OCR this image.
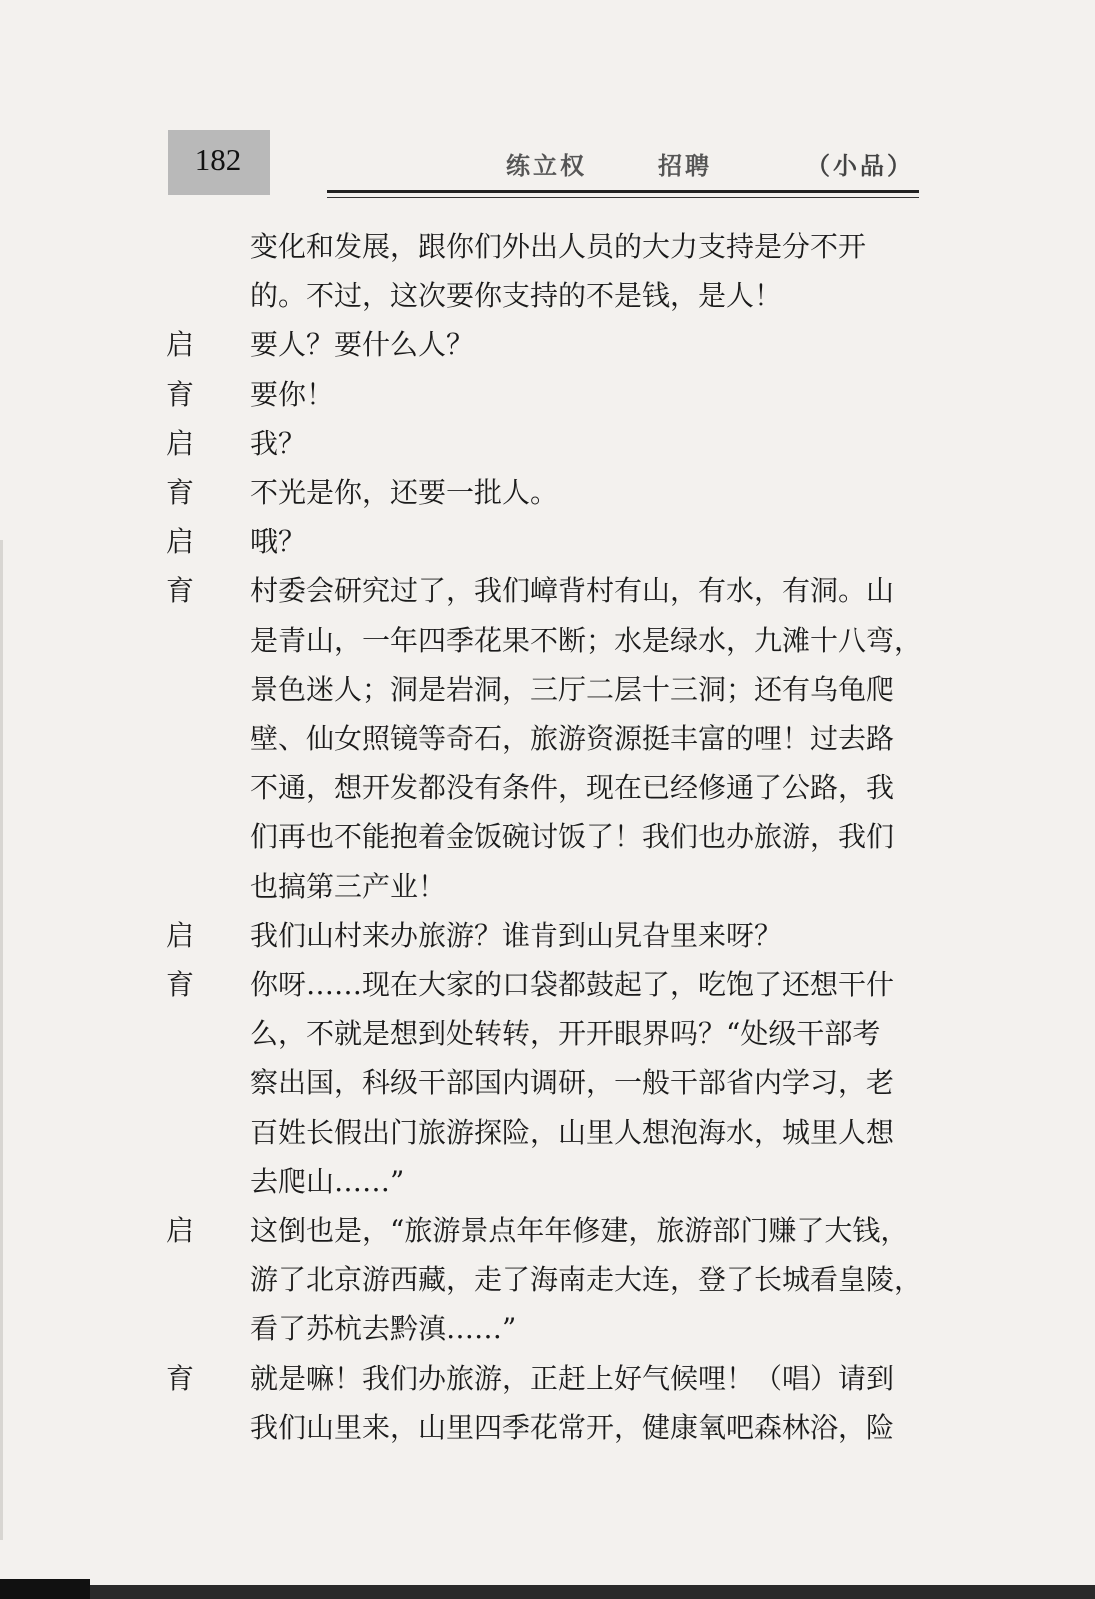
182	练立权	招聘	（小品）
变化和发展，跟你们外出人员的大力支持是分不开
的。不过，这次要你支持的不是钱，是人！
启	要人？要什么人？
育	要你！
启	我？
育	不光是你，还要一批人。
启	哦？
育	村委会研究过了，我们嶂背村有山，有水，有洞。山
是青山，一年四季花果不断；水是绿水，九滩十八弯，
景色迷人；洞是岩洞，三厅二层十三洞；还有乌龟爬
壁、仙女照镜等奇石，旅游资源挺丰富的哩！过去路
不通，想开发都没有条件，现在已经修通了公路，我
们再也不能抱着金饭碗讨饭了！我们也办旅游，我们
也搞第三产业！
启	我们山村来办旅游？谁肯到山旯旮里来呀？
育	你呀……现在大家的口袋都鼓起了，吃饱了还想干什
么，不就是想到处转转，开开眼界吗？“处级干部考
察出国，科级干部国内调研，一般干部省内学习，老
百姓长假出门旅游探险，山里人想泡海水，城里人想
去爬山……”
启	这倒也是，“旅游景点年年修建，旅游部门赚了大钱，
游了北京游西藏，走了海南走大连，登了长城看皇陵，
看了苏杭去黔滇……”
育	就是嘛！我们办旅游，正赶上好气候哩！（唱）请到
我们山里来，山里四季花常开，健康氧吧森林浴，险
